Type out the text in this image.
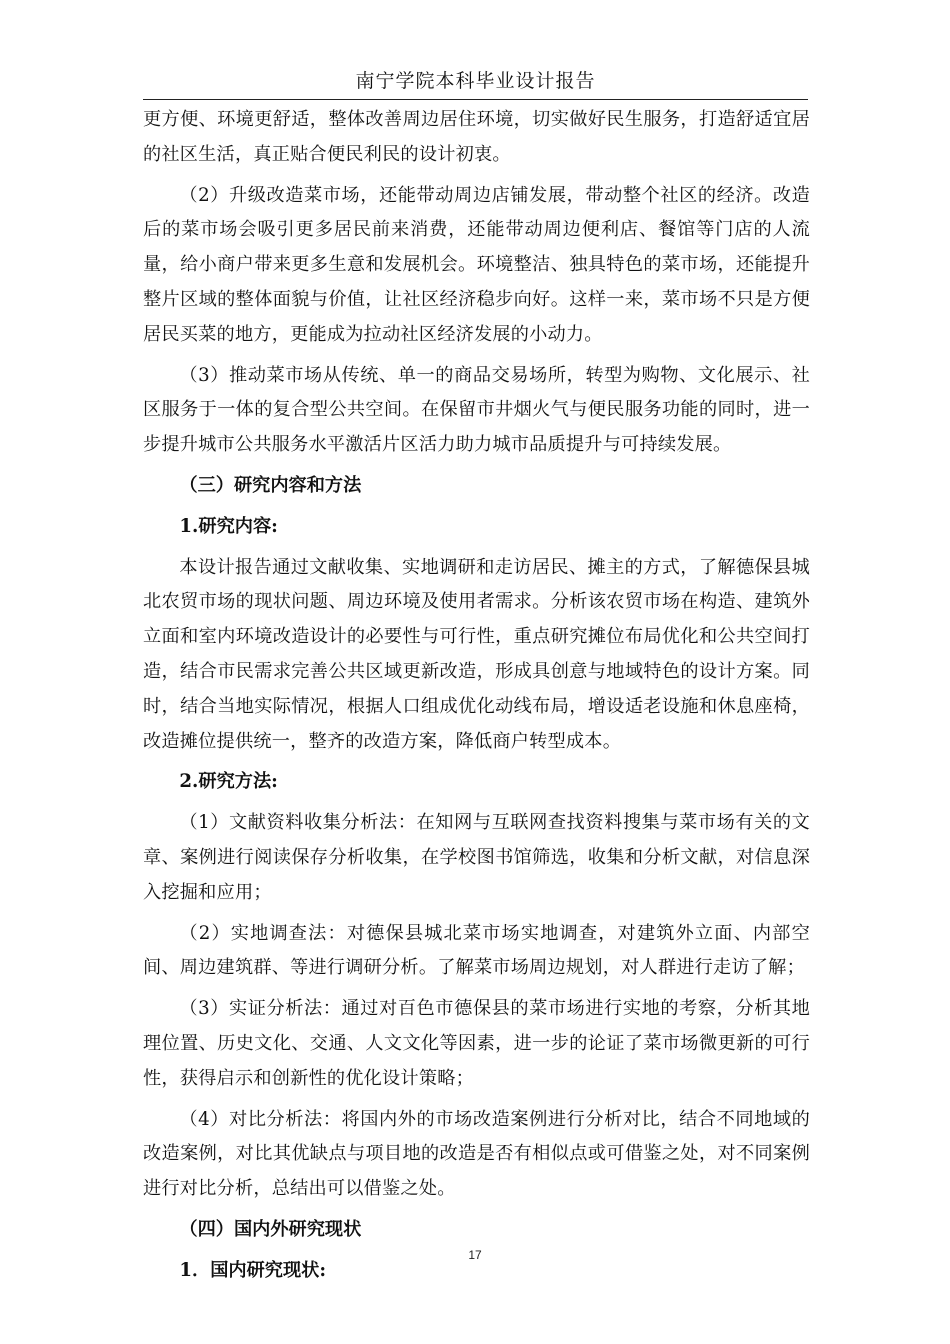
南宁学院本科毕业设计报告

更方便、环境更舒适，整体改善周边居住环境，切实做好民生服务，打造舒适宜居的社区生活，真正贴合便民利民的设计初衷。

（2）升级改造菜市场，还能带动周边店铺发展，带动整个社区的经济。改造后的菜市场会吸引更多居民前来消费，还能带动周边便利店、餐馆等门店的人流量，给小商户带来更多生意和发展机会。环境整洁、独具特色的菜市场，还能提升整片区域的整体面貌与价值，让社区经济稳步向好。这样一来，菜市场不只是方便居民买菜的地方，更能成为拉动社区经济发展的小动力。

（3）推动菜市场从传统、单一的商品交易场所，转型为购物、文化展示、社区服务于一体的复合型公共空间。在保留市井烟火气与便民服务功能的同时，进一步提升城市公共服务水平激活片区活力助力城市品质提升与可持续发展。

（三）研究内容和方法
1.研究内容:

本设计报告通过文献收集、实地调研和走访居民、摊主的方式，了解德保县城北农贸市场的现状问题、周边环境及使用者需求。分析该农贸市场在构造、建筑外立面和室内环境改造设计的必要性与可行性，重点研究摊位布局优化和公共空间打造，结合市民需求完善公共区域更新改造，形成具创意与地域特色的设计方案。同时，结合当地实际情况，根据人口组成优化动线布局，增设适老设施和休息座椅，改造摊位提供统一，整齐的改造方案，降低商户转型成本。

2.研究方法:

（1）文献资料收集分析法：在知网与互联网查找资料搜集与菜市场有关的文章、案例进行阅读保存分析收集，在学校图书馆筛选，收集和分析文献，对信息深入挖掘和应用；

（2）实地调查法：对德保县城北菜市场实地调查，对建筑外立面、内部空间、周边建筑群、等进行调研分析。了解菜市场周边规划，对人群进行走访了解；

（3）实证分析法：通过对百色市德保县的菜市场进行实地的考察，分析其地理位置、历史文化、交通、人文文化等因素，进一步的论证了菜市场微更新的可行性，获得启示和创新性的优化设计策略；

（4）对比分析法：将国内外的市场改造案例进行分析对比，结合不同地域的改造案例，对比其优缺点与项目地的改造是否有相似点或可借鉴之处，对不同案例进行对比分析，总结出可以借鉴之处。

（四）国内外研究现状
1．国内研究现状:
17
